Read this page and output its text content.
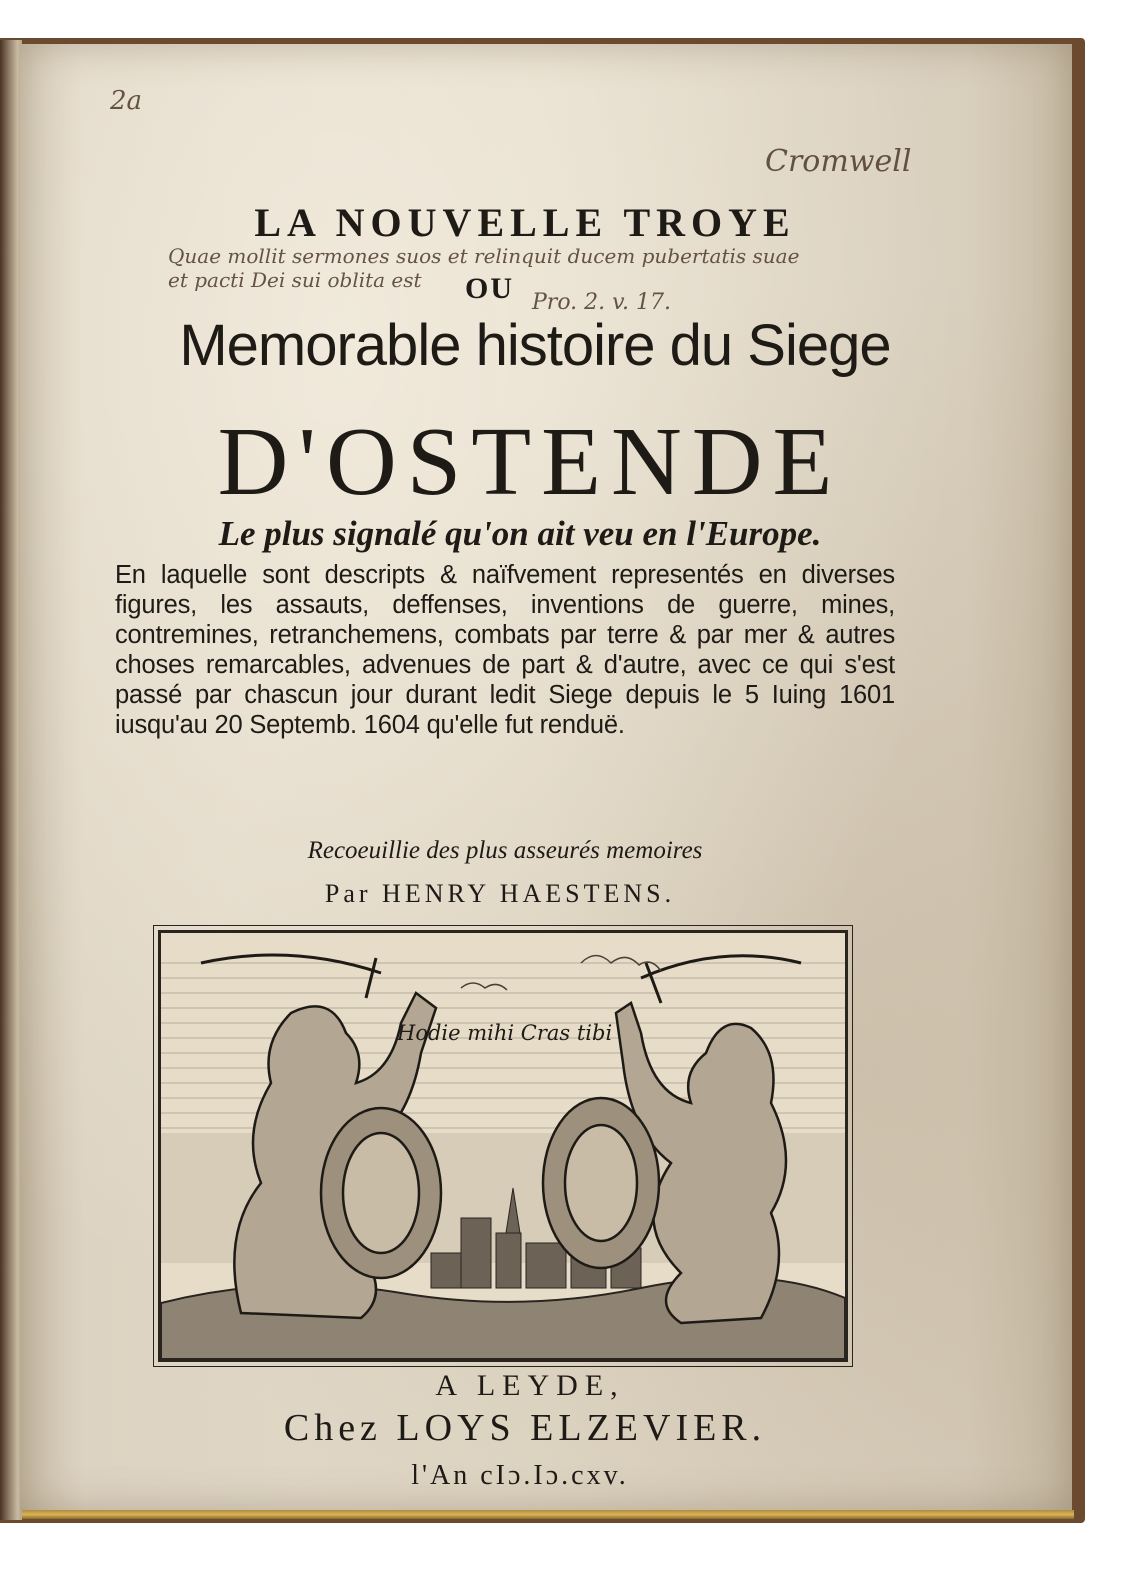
2a
Cromwell
LA NOUVELLE TROYE
Quae mollit sermones suos et relinquit ducem pubertatis suae
et pacti Dei sui oblita est OU Pro. 2. v. 17.
Memorable histoire du Siege
D'OSTENDE
Le plus signalé qu'on ait veu en l'Europe.
En laquelle sont descripts & naïfvement representés en diverses figures, les assauts, deffenses, inventions de guerre, mines, contremines, retranchemens, combats par terre & par mer & autres choses remarcables, advenues de part & d'autre, avec ce qui s'est passé par chascun jour durant ledit Siege depuis le 5 Iuing 1601 iusqu'au 20 Septemb. 1604 qu'elle fut renduë.
Recoeuillie des plus asseurés memoires
Par HENRY HAESTENS.
Hodie mihi Cras tibi
A LEYDE,
Chez LOYS ELZEVIER.
l'An cIɔ.Iɔ.cxv.
